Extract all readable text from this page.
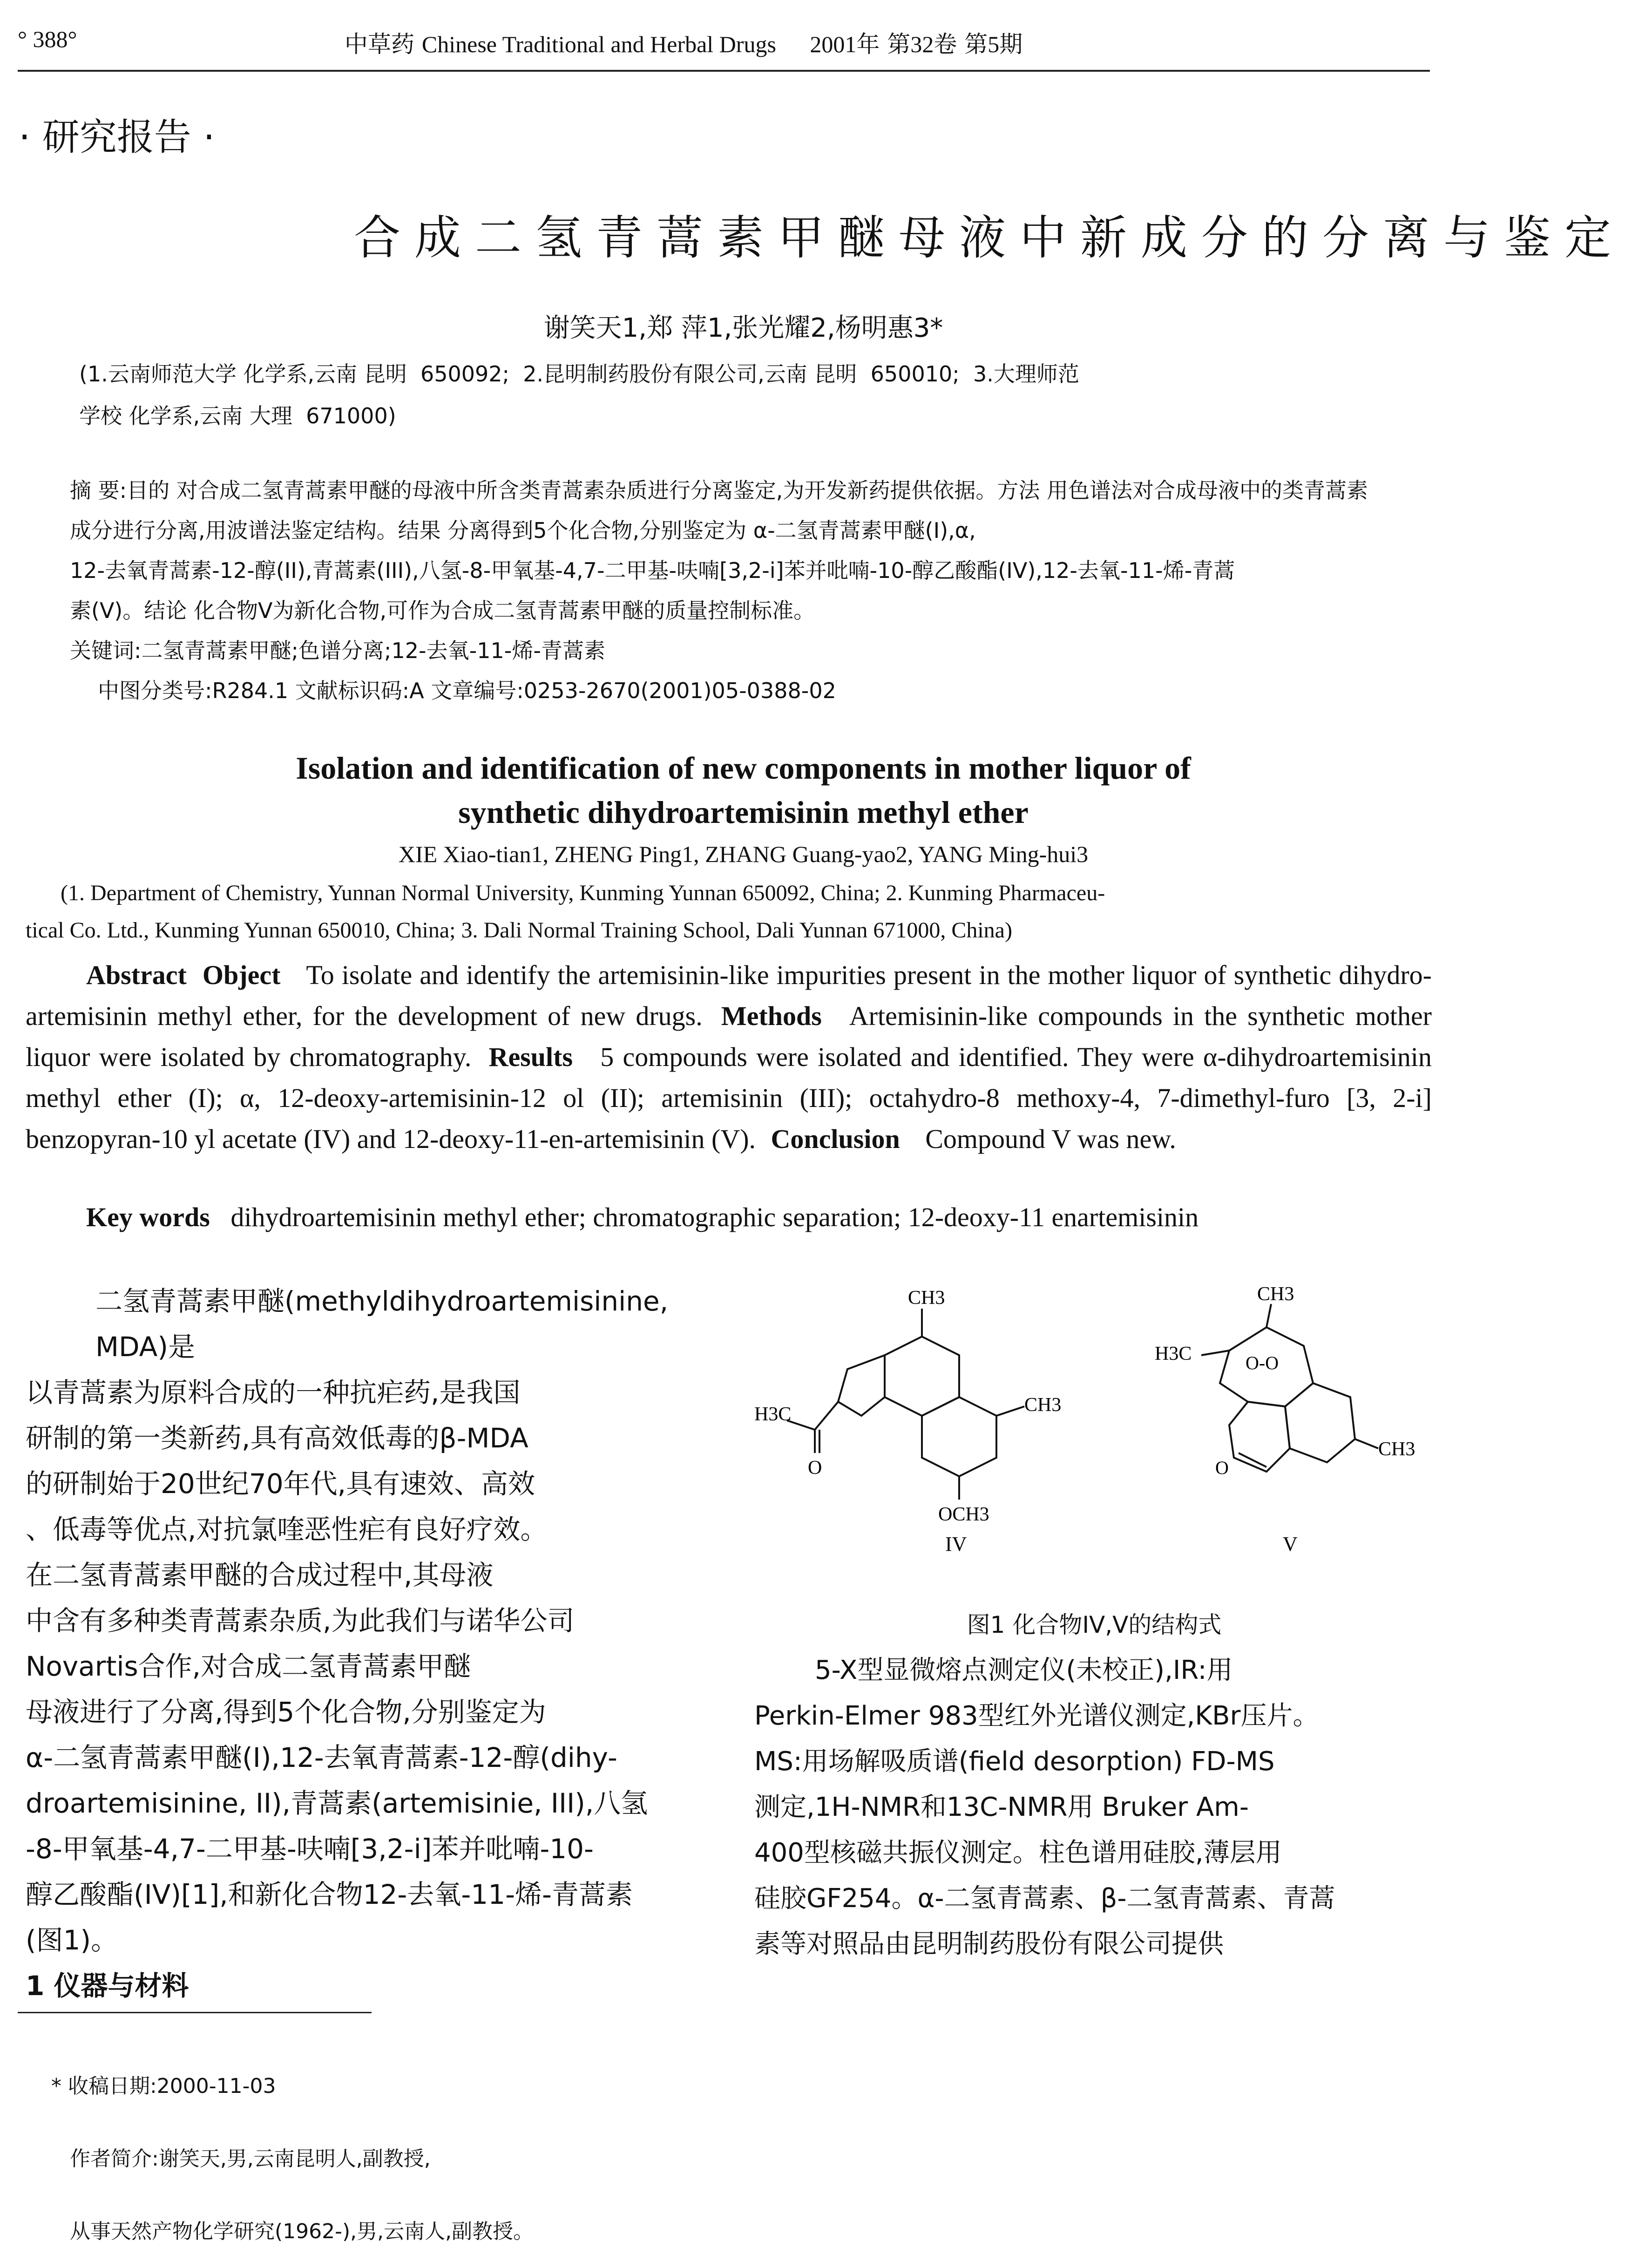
° 388°	中草药 Chinese Traditional and Herbal Drugs 2001年 第32卷 第5期
· 研究报告 ·
合成二氢青蒿素甲醚母液中新成分的分离与鉴定
谢笑天1,郑 萍1,张光耀2,杨明惠3*
(1.云南师范大学 化学系,云南 昆明  650092;  2.昆明制药股份有限公司,云南 昆明  650010;  3.大理师范
学校 化学系,云南 大理  671000)
摘 要:目的 对合成二氢青蒿素甲醚的母液中所含类青蒿素杂质进行分离鉴定,为开发新药提供依据。方法 用色谱法对合成母液中的类青蒿素
成分进行分离,用波谱法鉴定结构。结果 分离得到5个化合物,分别鉴定为 α-二氢青蒿素甲醚(I),α,
12-去氧青蒿素-12-醇(II),青蒿素(III),八氢-8-甲氧基-4,7-二甲基-呋喃[3,2-i]苯并吡喃-10-醇乙酸酯(IV),12-去氧-11-烯-青蒿
素(V)。结论 化合物V为新化合物,可作为合成二氢青蒿素甲醚的质量控制标准。
关键词:二氢青蒿素甲醚;色谱分离;12-去氧-11-烯-青蒿素
中图分类号:R284.1 文献标识码:A 文章编号:0253-2670(2001)05-0388-02
Isolation and identification of new components in mother liquor of
synthetic dihydroartemisinin methyl ether
XIE Xiao-tian1, ZHENG Ping1, ZHANG Guang-yao2, YANG Ming-hui3
(1. Department of Chemistry, Yunnan Normal University, Kunming Yunnan 650092, China; 2. Kunming Pharmaceu-
tical Co. Ltd., Kunming Yunnan 650010, China; 3. Dali Normal Training School, Dali Yunnan 671000, China)
Abstract Object To isolate and identify the artemisinin-like impurities present in the mother liquor of synthetic dihydro-artemisinin methyl ether, for the development of new drugs. Methods Artemisinin-like compounds in the synthetic mother liquor were isolated by chromatography. Results 5 compounds were isolated and identified. They were α-dihydroartemisinin methyl ether (I); α, 12-deoxy-artemisinin-12 ol (II); artemisinin (III); octahydro-8 methoxy-4, 7-dimethyl-furo [3, 2-i] benzopyran-10 yl acetate (IV) and 12-deoxy-11-en-artemisinin (V). Conclusion Compound V was new.
Key words dihydroartemisinin methyl ether; chromatographic separation; 12-deoxy-11 enartemisinin
二氢青蒿素甲醚(methyldihydroartemisinine, MDA)是
以青蒿素为原料合成的一种抗疟药,是我国
研制的第一类新药,具有高效低毒的β-MDA
的研制始于20世纪70年代,具有速效、高效
、低毒等优点,对抗氯喹恶性疟有良好疗效。
在二氢青蒿素甲醚的合成过程中,其母液
中含有多种类青蒿素杂质,为此我们与诺华公司
Novartis合作,对合成二氢青蒿素甲醚
母液进行了分离,得到5个化合物,分别鉴定为
α-二氢青蒿素甲醚(I),12-去氧青蒿素-12-醇(dihy-
droartemisinine, II),青蒿素(artemisinie, III),八氢
-8-甲氧基-4,7-二甲基-呋喃[3,2-i]苯并吡喃-10-
醇乙酸酯(IV)[1],和新化合物12-去氧-11-烯-青蒿素
(图1)。
1 仪器与材料
CH3
H3C
O
CH3
OCH3
IV
CH3
H3C	O-O
O
CH3
V
图1 化合物IV,V的结构式
5-X型显微熔点测定仪(未校正),IR:用
Perkin-Elmer 983型红外光谱仪测定,KBr压片。
MS:用场解吸质谱(field desorption) FD-MS
测定,1H-NMR和13C-NMR用 Bruker Am-
400型核磁共振仪测定。柱色谱用硅胶,薄层用
硅胶GF254。α-二氢青蒿素、β-二氢青蒿素、青蒿
素等对照品由昆明制药股份有限公司提供

* 收稿日期:2000-11-03

作者简介:谢笑天,男,云南昆明人,副教授,

从事天然产物化学研究(1962-),男,云南人,副教授。
